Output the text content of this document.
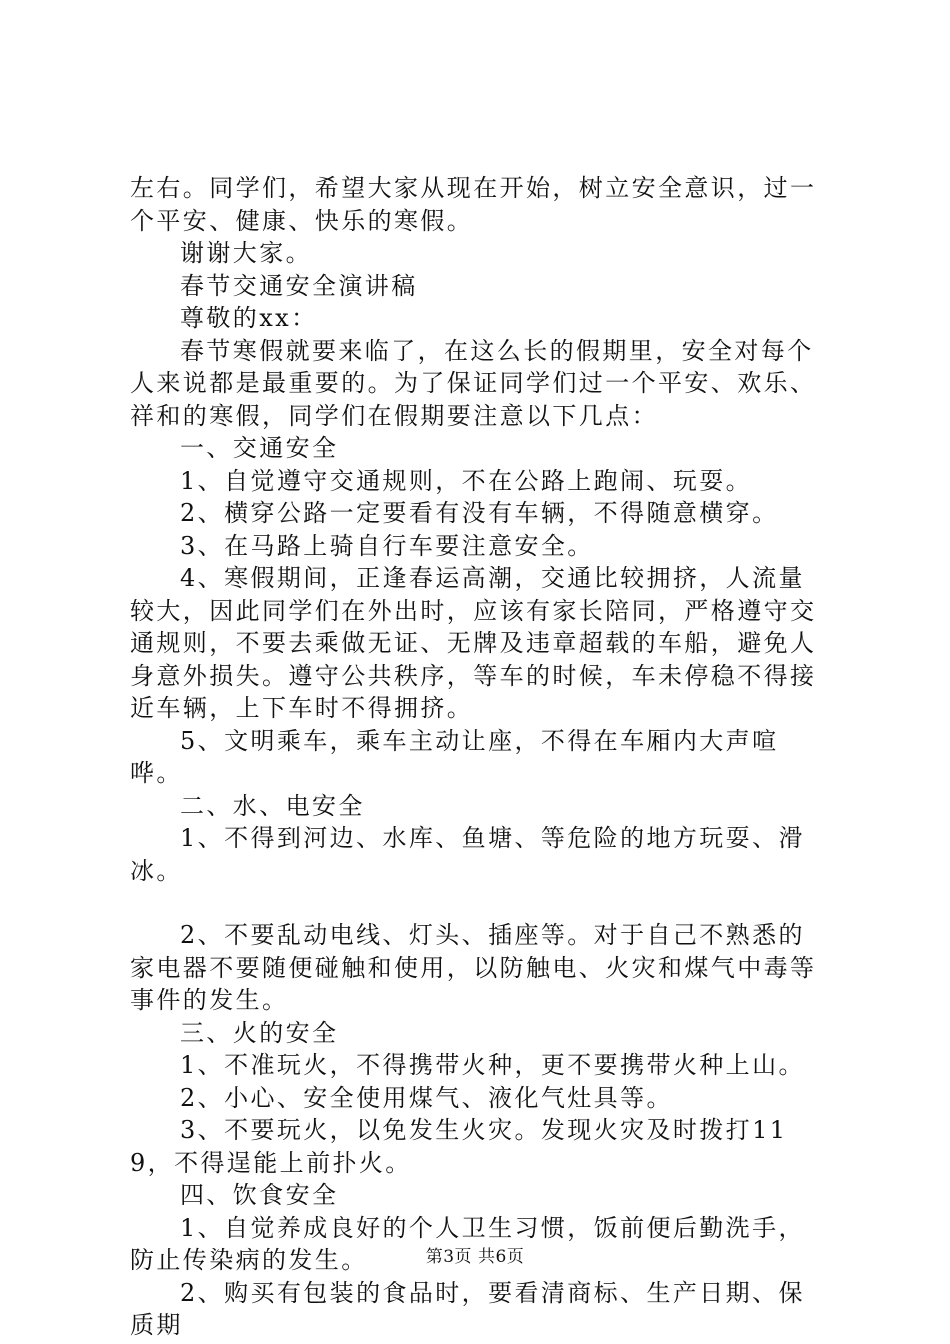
左右。同学们，希望大家从现在开始，树立安全意识，过一个平安、健康、快乐的寒假。

谢谢大家。

春节交通安全演讲稿

尊敬的xx：

春节寒假就要来临了，在这么长的假期里，安全对每个人来说都是最重要的。为了保证同学们过一个平安、欢乐、祥和的寒假，同学们在假期要注意以下几点：

一、交通安全

1、自觉遵守交通规则，不在公路上跑闹、玩耍。

2、横穿公路一定要看有没有车辆，不得随意横穿。

3、在马路上骑自行车要注意安全。

4、寒假期间，正逢春运高潮，交通比较拥挤，人流量较大，因此同学们在外出时，应该有家长陪同，严格遵守交通规则，不要去乘做无证、无牌及违章超载的车船，避免人身意外损失。遵守公共秩序，等车的时候，车未停稳不得接近车辆，上下车时不得拥挤。

5、文明乘车，乘车主动让座，不得在车厢内大声喧哗。

二、水、电安全

1、不得到河边、水库、鱼塘、等危险的地方玩耍、滑冰。

2、不要乱动电线、灯头、插座等。对于自己不熟悉的家电器不要随便碰触和使用，以防触电、火灾和煤气中毒等事件的发生。

三、火的安全

1、不准玩火，不得携带火种，更不要携带火种上山。

2、小心、安全使用煤气、液化气灶具等。

3、不要玩火，以免发生火灾。发现火灾及时拨打119，不得逞能上前扑火。

四、饮食安全

1、自觉养成良好的个人卫生习惯，饭前便后勤洗手，防止传染病的发生。

2、购买有包装的食品时，要看清商标、生产日期、保质期

第3页 共6页
